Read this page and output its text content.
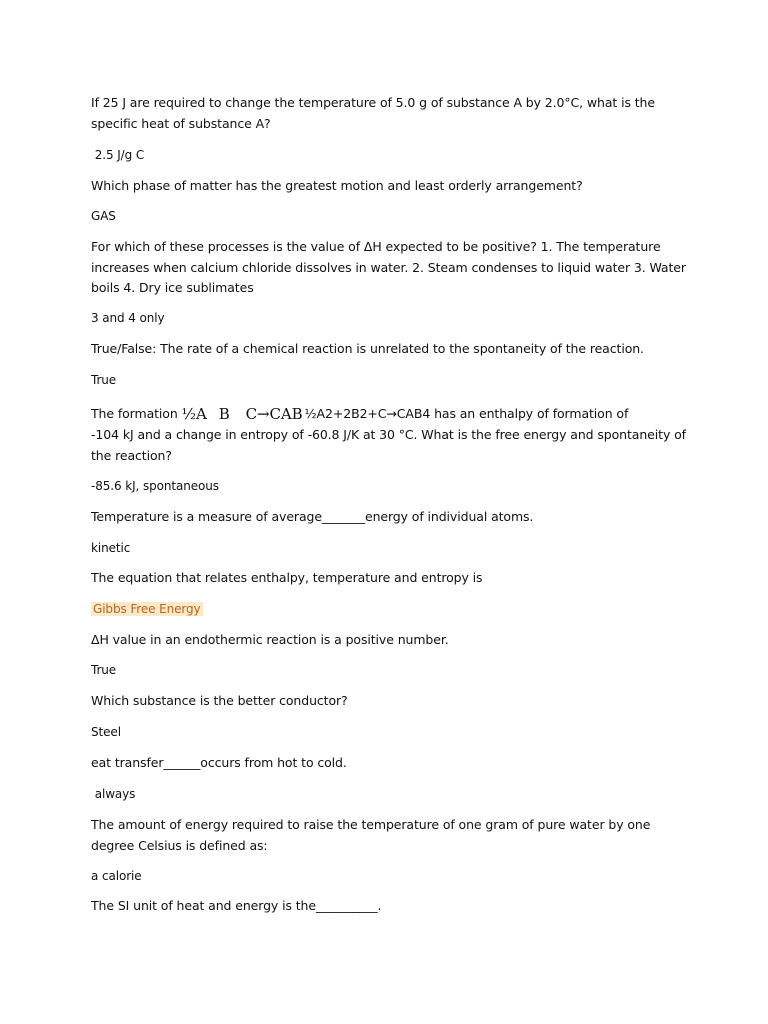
If 25 J are required to change the temperature of 5.0 g of substance A by 2.0°C, what is the
specific heat of substance A?
2.5 J/g C
Which phase of matter has the greatest motion and least orderly arrangement?
GAS
For which of these processes is the value of ΔH expected to be positive? 1. The temperature
increases when calcium chloride dissolves in water. 2. Steam condenses to liquid water 3. Water
boils 4. Dry ice sublimates
3 and 4 only
True/False: The rate of a chemical reaction is unrelated to the spontaneity of the reaction.
True
The formation ½A B C→CAB ½A2+2B2+C→CAB4 has an enthalpy of formation of
-104 kJ and a change in entropy of -60.8 J/K at 30 °C. What is the free energy and spontaneity of
the reaction?
-85.6 kJ, spontaneous
Temperature is a measure of average_______energy of individual atoms.
kinetic
The equation that relates enthalpy, temperature and entropy is
Gibbs Free Energy
ΔH value in an endothermic reaction is a positive number.
True
Which substance is the better conductor?
Steel
eat transfer______occurs from hot to cold.
always
The amount of energy required to raise the temperature of one gram of pure water by one
degree Celsius is defined as:
a calorie
The SI unit of heat and energy is the__________.
